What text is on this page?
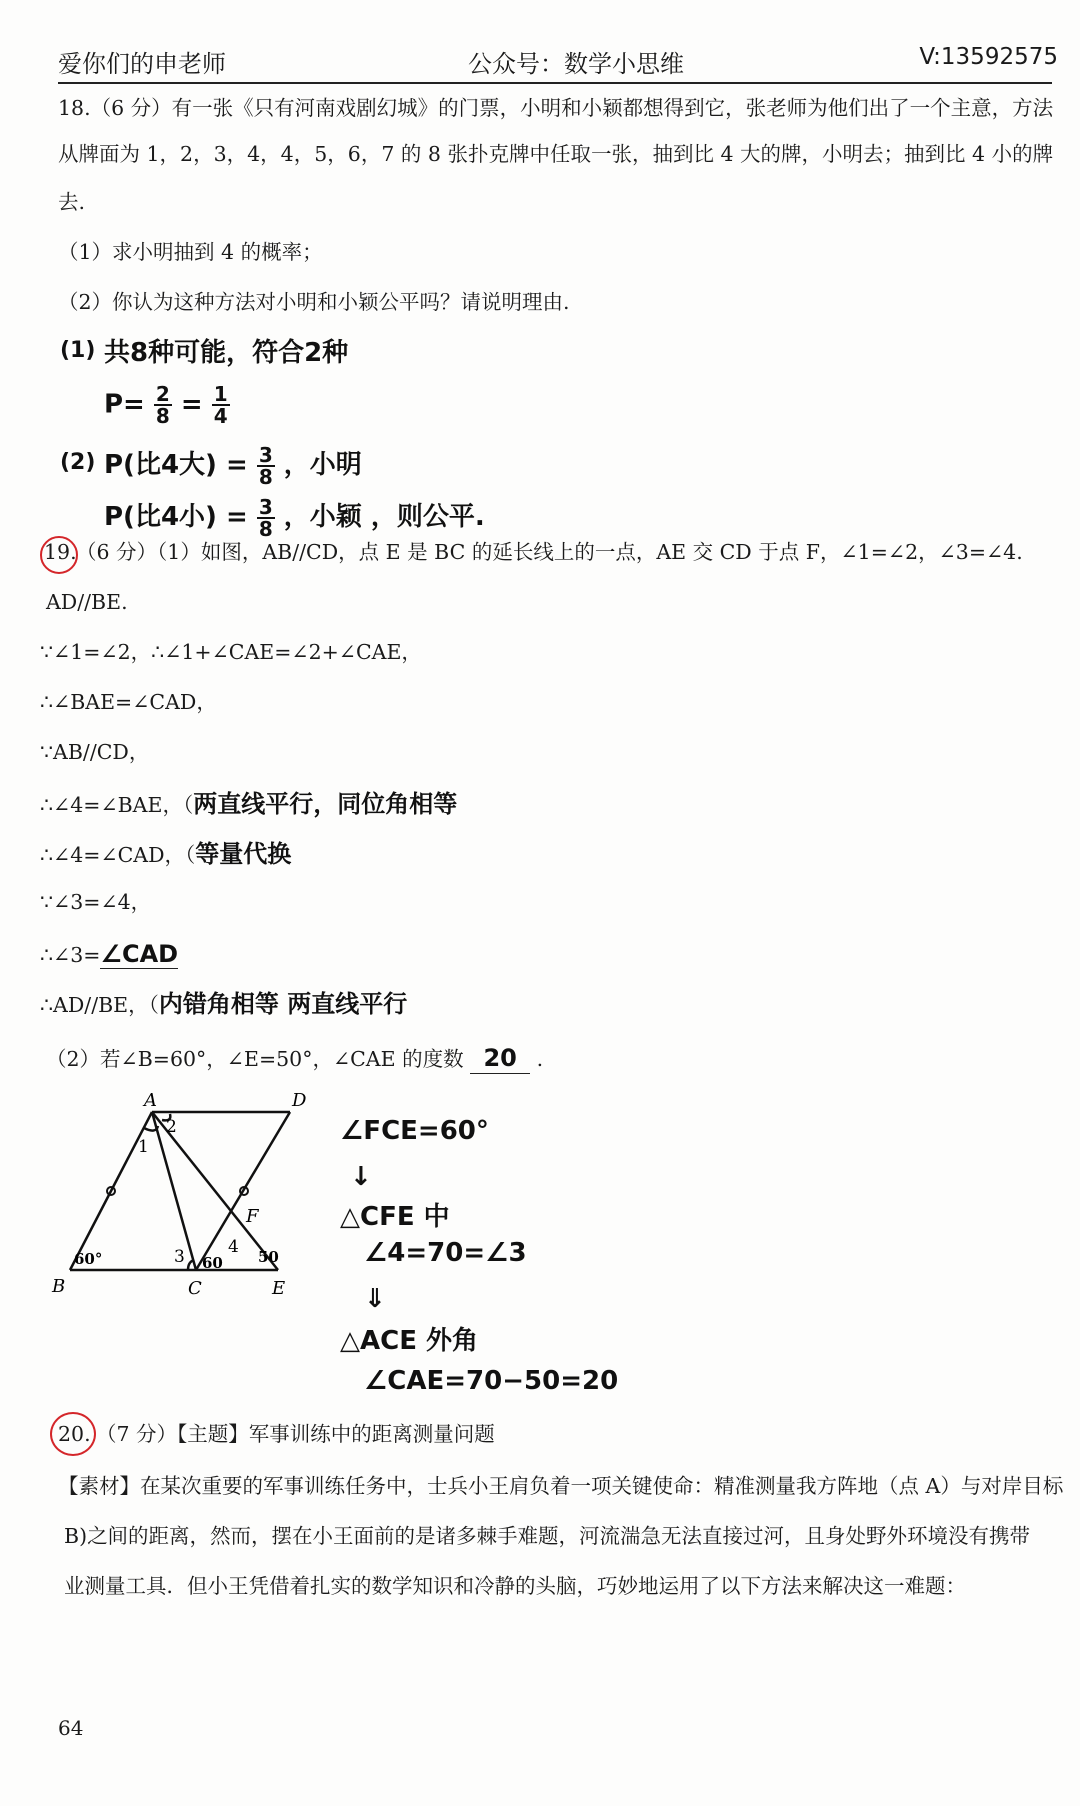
爱你们的申老师	公众号：数学小思维	V:13592575
18.（6 分）有一张《只有河南戏剧幻城》的门票，小明和小颖都想得到它，张老师为他们出了一个主意，方法
从牌面为 1，2，3，4，4，5，6，7 的 8 张扑克牌中任取一张，抽到比 4 大的牌，小明去；抽到比 4 小的牌
去.
（1）求小明抽到 4 的概率；
（2）你认为这种方法对小明和小颖公平吗？请说明理由.
(1) 共8种可能，符合2种
$P= \frac{2}{8} = \frac{1}{4}$
(2) P(比4大) = $\frac{3}{8}$ ，小明
P(比4小) = $\frac{3}{8}$ ，小颖 ，则公平.
19. （6 分）（1）如图，AB//CD，点 E 是 BC 的延长线上的一点，AE 交 CD 于点 F，∠1=∠2，∠3=∠4.
AD//BE.
∵∠1=∠2，∴∠1+∠CAE=∠2+∠CAE，
∴∠BAE=∠CAD，
∵AB//CD，
∴∠4=∠BAE，（两直线平行，同位角相等
∴∠4=∠CAD，（等量代换
∵∠3=∠4，
∴∠3=∠CAD
∴AD//BE，（内错角相等 两直线平行
（2）若∠B=60°，∠E=50°，∠CAE 的度数 20 .
A	D
B	C	E
F
1
2
3	4
60°	60 50
∠FCE=60°
↓
△CFE 中
∠4=70=∠3
⇓
△ACE 外角
∠CAE=70−50=20
20. （7 分）【主题】军事训练中的距离测量问题
【素材】在某次重要的军事训练任务中，士兵小王肩负着一项关键使命：精准测量我方阵地（点 A）与对岸目标
B)之间的距离，然而，摆在小王面前的是诸多棘手难题，河流湍急无法直接过河，且身处野外环境没有携带
业测量工具．但小王凭借着扎实的数学知识和冷静的头脑，巧妙地运用了以下方法来解决这一难题：
64
